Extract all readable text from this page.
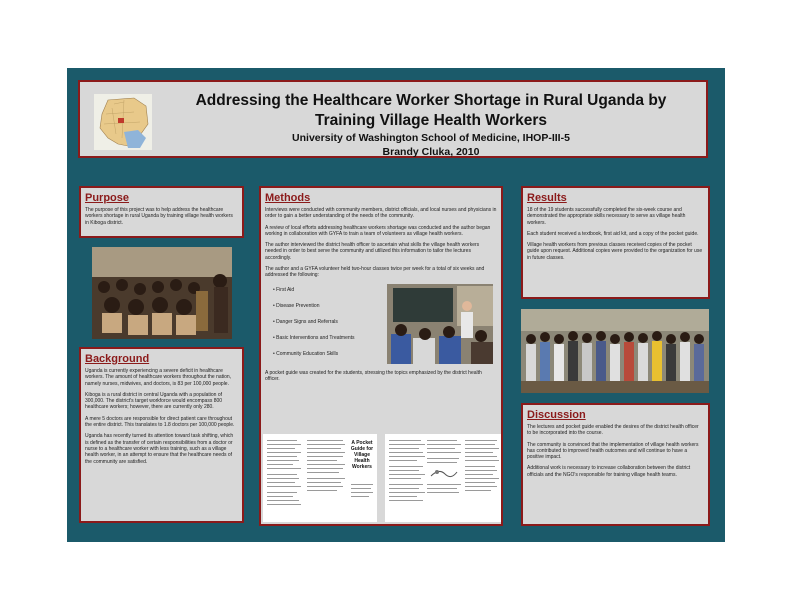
Addressing the Healthcare Worker Shortage in Rural Uganda by
Training Village Health Workers
University of Washington School of Medicine, IHOP-III-5
Brandy Cluka, 2010
Purpose

The purpose of this project was to help address the healthcare workers shortage in rural Uganda by training village health workers in Kiboga district.

Background

Uganda is currently experiencing a severe deficit in healthcare workers. The amount of healthcare workers throughout the nation, namely nurses, midwives, and doctors, is 83 per 100,000 people.

Kiboga is a rural district in central Uganda with a population of 300,000. The district's target workforce would encompass 800 healthcare workers; however, there are currently only 280.

A mere 5 doctors are responsible for direct patient care throughout the entire district. This translates to 1.8 doctors per 100,000 people.

Uganda has recently turned its attention toward task shifting, which is defined as the transfer of certain responsibilities from a doctor or nurse to a healthcare worker with less training, such as a village health worker, in an attempt to ensure that the healthcare needs of the community are satisfied.

Methods

Interviews were conducted with community members, district officials, and local nurses and physicians in order to gain a better understanding of the needs of the community.

A review of local efforts addressing healthcare workers shortage was conducted and the author began working in collaboration with GYFA to train a team of volunteers as village health workers.

The author interviewed the district health officer to ascertain what skills the village health workers needed in order to best serve the community and utilized this information to tailor the lectures accordingly.

The author and a GYFA volunteer held two-hour classes twice per week for a total of six weeks and addressed the following:

• First Aid
• Disease Prevention
• Danger Signs and Referrals
• Basic Interventions and Treatments
• Community Education Skills

A pocket guide was created for the students, stressing the topics emphasized by the district health officer.

A Pocket Guide for Village Health Workers
Results

18 of the 19 students successfully completed the six-week course and demonstrated the appropriate skills necessary to serve as village health workers.

Each student received a textbook, first aid kit, and a copy of the pocket guide.

Village health workers from previous classes received copies of the pocket guide upon request. Additional copies were provided to the organization for use in future classes.

Discussion

The lectures and pocket guide enabled the desires of the district health officer to be incorporated into the course.

The community is convinced that the implementation of village health workers has contributed to improved health outcomes and will continue to have a positive impact.

Additional work is necessary to increase collaboration between the district officials and the NGO's responsible for training village health teams.
